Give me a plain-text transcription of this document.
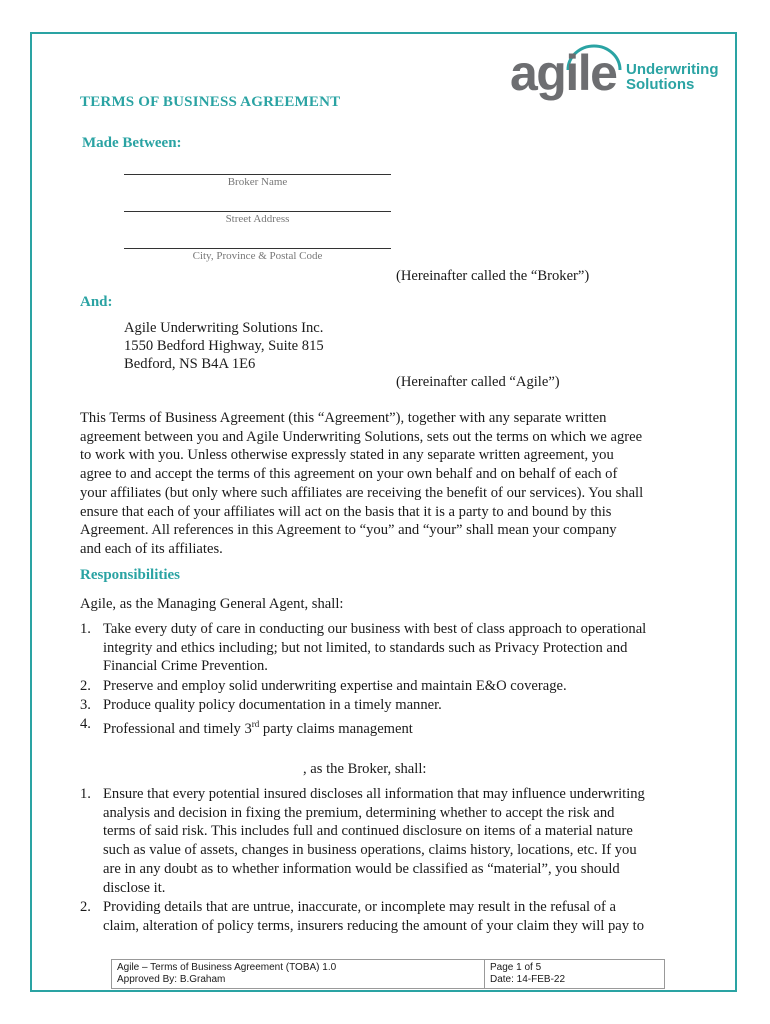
agile Underwriting
Solutions
TERMS OF BUSINESS AGREEMENT
Made Between:
Broker Name
Street Address
City, Province & Postal Code
(Hereinafter called the “Broker”)
And:
Agile Underwriting Solutions Inc.
1550 Bedford Highway, Suite 815
Bedford, NS B4A 1E6
(Hereinafter called “Agile”)
This Terms of Business Agreement (this “Agreement”), together with any separate written
agreement between you and Agile Underwriting Solutions, sets out the terms on which we agree
to work with you. Unless otherwise expressly stated in any separate written agreement, you
agree to and accept the terms of this agreement on your own behalf and on behalf of each of
your affiliates (but only where such affiliates are receiving the benefit of our services). You shall
ensure that each of your affiliates will act on the basis that it is a party to and bound by this
Agreement. All references in this Agreement to “you” and “your” shall mean your company
and each of its affiliates.
Responsibilities
Agile, as the Managing General Agent, shall:
1. Take every duty of care in conducting our business with best of class approach to operational
integrity and ethics including; but not limited, to standards such as Privacy Protection and
Financial Crime Prevention.
2. Preserve and employ solid underwriting expertise and maintain E&O coverage.
3. Produce quality policy documentation in a timely manner.
4. Professional and timely 3rd party claims management
, as the Broker, shall:
1. Ensure that every potential insured discloses all information that may influence underwriting
analysis and decision in fixing the premium, determining whether to accept the risk and
terms of said risk. This includes full and continued disclosure on items of a material nature
such as value of assets, changes in business operations, claims history, locations, etc. If you
are in any doubt as to whether information would be classified as “material”, you should
disclose it.
2. Providing details that are untrue, inaccurate, or incomplete may result in the refusal of a
claim, alteration of policy terms, insurers reducing the amount of your claim they will pay to
Agile – Terms of Business Agreement (TOBA) 1.0
Approved By: B.Graham
Page 1 of 5
Date: 14-FEB-22
